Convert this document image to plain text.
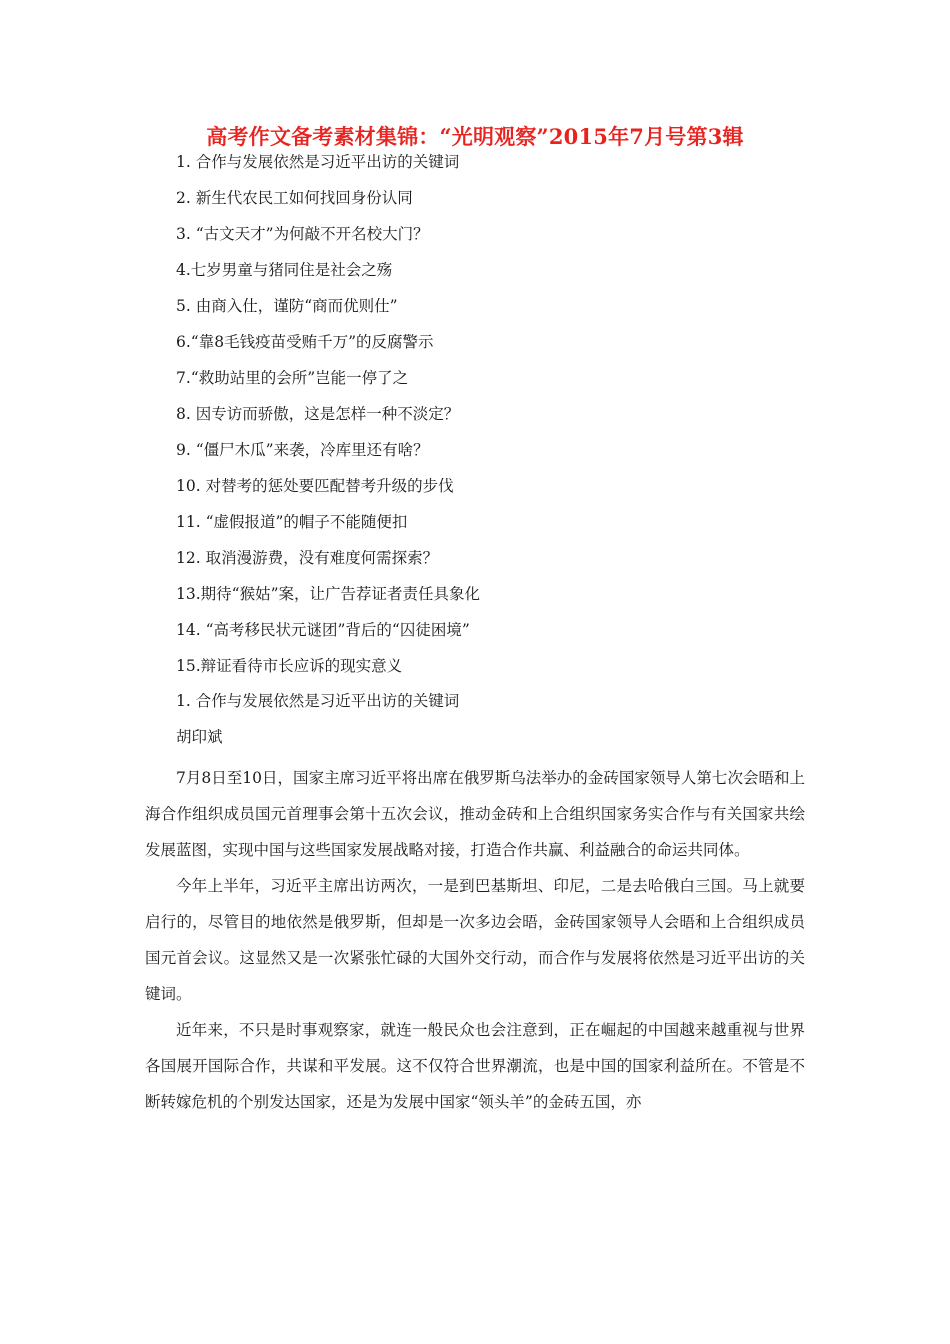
高考作文备考素材集锦：“光明观察”2015年7月号第3辑
1. 合作与发展依然是习近平出访的关键词
2. 新生代农民工如何找回身份认同
3. “古文天才”为何敲不开名校大门？
4.七岁男童与猪同住是社会之殇
5. 由商入仕，谨防“商而优则仕”
6.“靠8毛钱疫苗受贿千万”的反腐警示
7.“救助站里的会所”岂能一停了之
8. 因专访而骄傲，这是怎样一种不淡定？
9. “僵尸木瓜”来袭，冷库里还有啥？
10. 对替考的惩处要匹配替考升级的步伐
11. “虚假报道”的帽子不能随便扣
12. 取消漫游费，没有难度何需探索？
13.期待“猴姑”案，让广告荐证者责任具象化
14. “高考移民状元谜团”背后的“囚徒困境”
15.辩证看待市长应诉的现实意义
1. 合作与发展依然是习近平出访的关键词
胡印斌

7月8日至10日，国家主席习近平将出席在俄罗斯乌法举办的金砖国家领导人第七次会晤和上海合作组织成员国元首理事会第十五次会议，推动金砖和上合组织国家务实合作与有关国家共绘发展蓝图，实现中国与这些国家发展战略对接，打造合作共赢、利益融合的命运共同体。

今年上半年，习近平主席出访两次，一是到巴基斯坦、印尼，二是去哈俄白三国。马上就要启行的，尽管目的地依然是俄罗斯，但却是一次多边会晤，金砖国家领导人会晤和上合组织成员国元首会议。这显然又是一次紧张忙碌的大国外交行动，而合作与发展将依然是习近平出访的关键词。

近年来，不只是时事观察家，就连一般民众也会注意到，正在崛起的中国越来越重视与世界各国展开国际合作，共谋和平发展。这不仅符合世界潮流，也是中国的国家利益所在。不管是不断转嫁危机的个别发达国家，还是为发展中国家“领头羊”的金砖五国，亦
